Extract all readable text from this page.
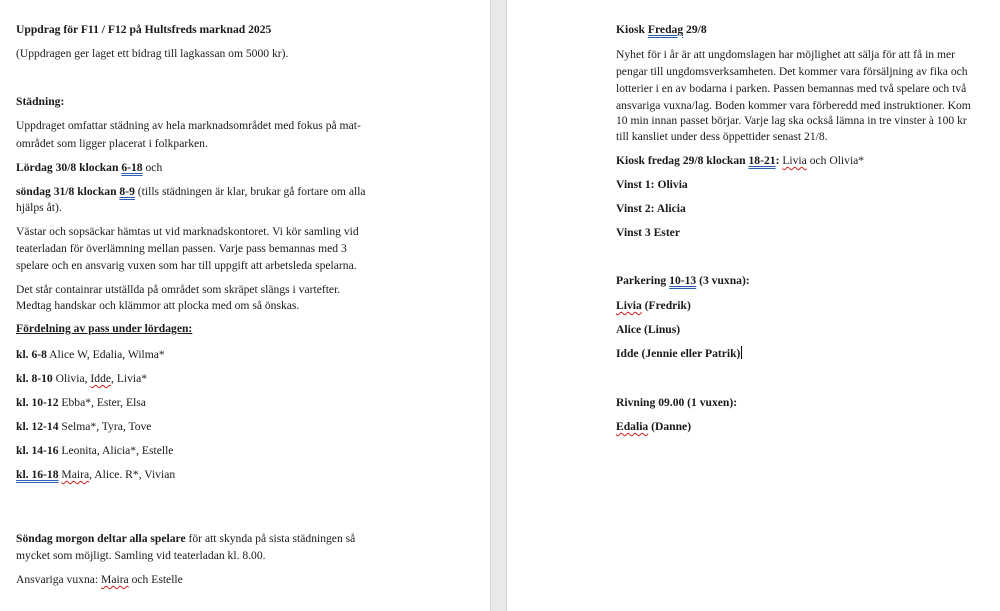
Uppdrag för F11 / F12 på Hultsfreds marknad 2025

(Uppdragen ger laget ett bidrag till lagkassan om 5000 kr).

Städning:

Uppdraget omfattar städning av hela marknadsområdet med fokus på mat-

området som ligger placerat i folkparken.

Lördag 30/8 klockan 6-18 och

söndag 31/8 klockan 8-9 (tills städningen är klar, brukar gå fortare om alla

hjälps åt).

Västar och sopsäckar hämtas ut vid marknadskontoret. Vi kör samling vid

teaterladan för överlämning mellan passen. Varje pass bemannas med 3

spelare och en ansvarig vuxen som har till uppgift att arbetsleda spelarna.

Det står containrar utställda på området som skräpet slängs i vartefter.

Medtag handskar och klämmor att plocka med om så önskas.

Fördelning av pass under lördagen:

kl. 6-8 Alice W, Edalia, Wilma*

kl. 8-10 Olivia, Idde, Livia*

kl. 10-12 Ebba*, Ester, Elsa

kl. 12-14 Selma*, Tyra, Tove

kl. 14-16 Leonita, Alicia*, Estelle

kl. 16-18 Maira, Alice. R*, Vivian

Söndag morgon deltar alla spelare för att skynda på sista städningen så

mycket som möjligt. Samling vid teaterladan kl. 8.00.

Ansvariga vuxna: Maira och Estelle

Kiosk Fredag 29/8

Nyhet för i år är att ungdomslagen har möjlighet att sälja för att få in mer

pengar till ungdomsverksamheten. Det kommer vara försäljning av fika och

lotterier i en av bodarna i parken. Passen bemannas med två spelare och två

ansvariga vuxna/lag. Boden kommer vara förberedd med instruktioner. Kom

10 min innan passet börjar. Varje lag ska också lämna in tre vinster à 100 kr

till kansliet under dess öppettider senast 21/8.

Kiosk fredag 29/8 klockan 18-21: Livia och Olivia*

Vinst 1: Olivia

Vinst 2: Alicia

Vinst 3 Ester

Parkering 10-13 (3 vuxna):

Livia (Fredrik)

Alice (Linus)

Idde (Jennie eller Patrik)

Rivning 09.00 (1 vuxen):

Edalia (Danne)
